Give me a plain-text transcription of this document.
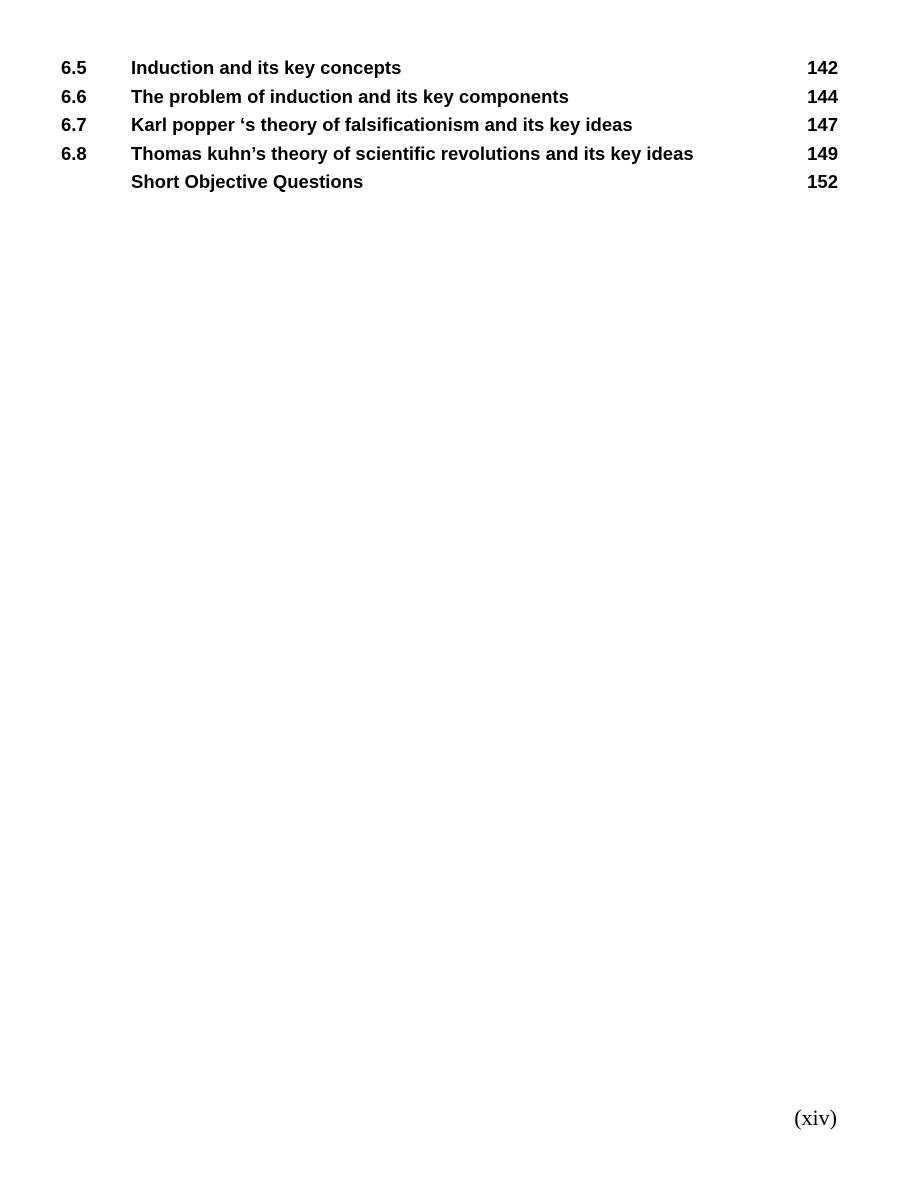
6.5 Induction and its key concepts	142
6.6 The problem of induction and its key components	144
6.7 Karl popper ‘s theory of falsificationism and its key ideas	147
6.8 Thomas kuhn’s theory of scientific revolutions and its key ideas	149
Short Objective Questions	152
(xiv)
